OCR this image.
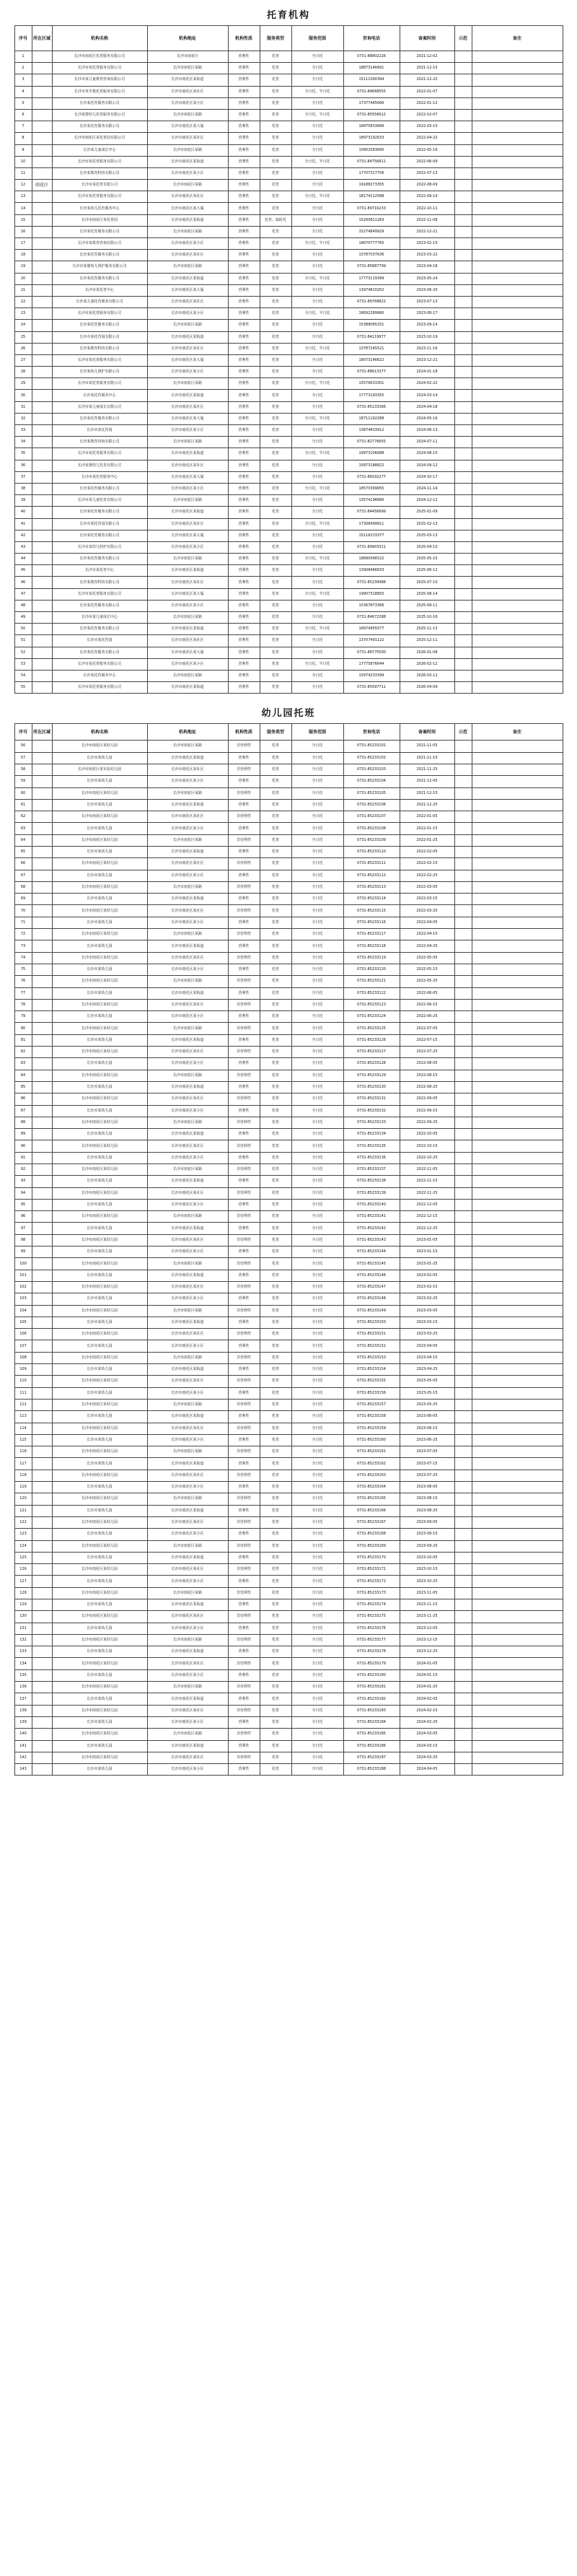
托育机构
序号	所在区域	机构名称	机构地址	机构性质	服务类型	服务范围	咨询电话	备案时间	示范	备注
1		长沙市雨花区托育服务有限公司	长沙市雨花区	营利性	托育	全日托	0731-88802226	2021-12-02		
2		长沙市某托育服务有限公司	长沙市雨花区某路	营利性	托育	全日托	18873146691	2021-12-15		
3		长沙市某儿童教育咨询有限公司	长沙市雨花区某街道	营利性	托育	全日托	15111090394	2021-12-22		
4		长沙市某早教托育服务有限公司	长沙市雨花区某社区	营利性	托育	全日托、半日托	0731-84668555	2022-01-07		
5		长沙某托育服务有限公司	长沙市雨花区某小区	营利性	托育	全日托	17377485666	2022-01-12		
6		长沙某婴幼儿托育服务有限公司	长沙市雨花区某路	营利性	托育	全日托、半日托	0731-85556612	2022-02-07		
7		长沙某托育服务有限公司	长沙市雨花区某大厦	营利性	托育	全日托	18975833899	2022-03-15		
8		长沙市雨花区某托育园有限公司	长沙市雨花区某社区	营利性	托育	全日托	18973192633	2022-04-22		
9		长沙某儿童成长中心	长沙市雨花区某路	营利性	托育	全日托	15802583695	2022-05-16		
10		长沙市某托育服务有限公司	长沙市雨花区某街道	营利性	托育	全日托、半日托	0731-84756611	2022-06-09		
11		长沙某教育科技有限公司	长沙市雨花区某小区	营利性	托育	全日托	17707317756	2022-07-13		
12	雨花区	长沙市某托育有限公司	长沙市雨花区某路	营利性	托育	全日托	19188273355	2022-08-09		
13		长沙市某托育服务有限公司	长沙市雨花区某社区	营利性	托育	全日托、半日托	18174112588	2022-09-14		
14		长沙某幼儿托育服务中心	长沙市雨花区某大厦	营利性	托育	全日托	0731-89716233	2022-10-11		
15		长沙市雨花区某托育园	长沙市雨花区某街道	营利性	托育、临时托	全日托	15200811263	2022-11-08		
16		长沙某托育服务有限公司	长沙市雨花区某路	营利性	托育	全日托	15274849929	2022-12-21		
17		长沙市某教育咨询有限公司	长沙市雨花区某小区	营利性	托育	全日托、半日托	18670777765	2023-02-15		
18		长沙某托育服务有限公司	长沙市雨花区某社区	营利性	托育	全日托	13787037636	2023-03-22		
19		长沙市某婴幼儿照护服务有限公司	长沙市雨花区某路	营利性	托育	全日托	0731-85887799	2023-04-18		
20		长沙某托育服务有限公司	长沙市雨花区某街道	营利性	托育	全日托、半日托	17773119399	2023-05-24		
21		长沙市某托育中心	长沙市雨花区某大厦	营利性	托育	全日托	13974810202	2023-06-20		
22		长沙某儿童托育服务有限公司	长沙市雨花区某社区	营利性	托育	全日托	0731-89768822	2023-07-13		
23		长沙市某托育服务有限公司	长沙市雨花区某小区	营利性	托育	全日托、半日托	18692289980	2023-08-17		
24		长沙某托育服务有限公司	长沙市雨花区某路	营利性	托育	全日托	15388065331	2023-09-14		
25		长沙市某托育园有限公司	长沙市雨花区某街道	营利性	托育	全日托	0731-84119977	2023-10-19		
26		长沙某教育科技有限公司	长沙市雨花区某社区	营利性	托育	全日托、半日托	13787245521	2023-11-16		
27		长沙市某托育服务有限公司	长沙市雨花区某大厦	营利性	托育	全日托	18073146622	2023-12-21		
28		长沙某幼儿照护有限公司	长沙市雨花区某小区	营利性	托育	全日托	0731-88613377	2024-01-18		
29		长沙市某托育服务有限公司	长沙市雨花区某路	营利性	托育	全日托、半日托	15576633301	2024-02-22		
30		长沙某托育服务中心	长沙市雨花区某街道	营利性	托育	全日托	17773193355	2024-03-14		
31		长沙市某儿童成长有限公司	长沙市雨花区某社区	营利性	托育	全日托	0731-85133366	2024-04-18		
32		长沙某托育服务有限公司	长沙市雨花区某大厦	营利性	托育	全日托、半日托	18711192288	2024-05-16		
33		长沙市某托育园	长沙市雨花区某小区	营利性	托育	全日托	13874833912	2024-06-13		
34		长沙某教育咨询有限公司	长沙市雨花区某路	营利性	托育	全日托	0731-82776655	2024-07-11		
35		长沙市某托育服务有限公司	长沙市雨花区某街道	营利性	托育	全日托、半日托	19973106688	2024-08-15		
36		长沙某婴幼儿托育有限公司	长沙市雨花区某社区	营利性	托育	全日托	15873188822	2024-09-12		
37		长沙市某托育服务中心	长沙市雨花区某大厦	营利性	托育	全日托	0731-88192277	2024-10-17		
38		长沙某托育服务有限公司	长沙市雨花区某小区	营利性	托育	全日托、半日托	18570399955	2024-11-14		
39		长沙市某儿童托育有限公司	长沙市雨花区某路	营利性	托育	全日托	13574198866	2024-12-12		
40		长沙某托育服务有限公司	长沙市雨花区某街道	营利性	托育	全日托	0731-84456699	2025-01-09		
41		长沙市某托育园有限公司	长沙市雨花区某社区	营利性	托育	全日托、半日托	17308499911	2025-02-13		
42		长沙某托育服务有限公司	长沙市雨花区某大厦	营利性	托育	全日托	15116233377	2025-03-13		
43		长沙市某幼儿照护有限公司	长沙市雨花区某小区	营利性	托育	全日托	0731-89903311	2025-04-10		
44		长沙某托育服务有限公司	长沙市雨花区某路	营利性	托育	全日托、半日托	18890066522	2025-05-15		
45		长沙市某托育中心	长沙市雨花区某街道	营利性	托育	全日托	13908466633	2025-06-12		
46		长沙某教育科技有限公司	长沙市雨花区某社区	营利性	托育	全日托	0731-85239988	2025-07-10		
47		长沙市某托育服务有限公司	长沙市雨花区某大厦	营利性	托育	全日托、半日托	19907318855	2025-08-14		
48		长沙某托育服务有限公司	长沙市雨花区某小区	营利性	托育	全日托	15367873366	2025-09-11		
49		长沙市某儿童成长中心	长沙市雨花区某路	营利性	托育	全日托	0731-84672288	2025-10-16		
50		长沙某托育服务有限公司	长沙市雨花区某街道	营利性	托育	全日托、半日托	18974955577	2025-11-13		
51		长沙市某托育园	长沙市雨花区某社区	营利性	托育	全日托	13707491122	2025-12-11		
52		长沙某托育服务有限公司	长沙市雨花区某大厦	营利性	托育	全日托	0731-88775500	2026-01-08		
53		长沙市某托育服务有限公司	长沙市雨花区某小区	营利性	托育	全日托、半日托	17775876644	2026-02-12		
54		长沙某托育服务中心	长沙市雨花区某路	营利性	托育	全日托	15974233399	2026-03-12		
55		长沙市某托育服务有限公司	长沙市雨花区某街道	营利性	托育	全日托	0731-85097711	2026-04-09		
幼儿园托班
序号	所在区域	机构名称	机构地址	机构性质	服务类型	服务范围	咨询电话	备案时间	示范	备注
56		长沙市雨花区某幼儿园	长沙市雨花区某路	非营利性	托育	全日托	0731-85233101	2021-11-05		
57		长沙市某幼儿园	长沙市雨花区某街道	营利性	托育	全日托	0731-85233102	2021-11-15		
58		长沙市雨花区某实验幼儿园	长沙市雨花区某社区	非营利性	托育	全日托	0731-85233103	2021-11-25		
59		长沙市某幼儿园	长沙市雨花区某小区	营利性	托育	全日托	0731-85233104	2021-12-05		
60		长沙市雨花区某幼儿园	长沙市雨花区某路	非营利性	托育	全日托	0731-85233105	2021-12-15		
61		长沙市某幼儿园	长沙市雨花区某街道	营利性	托育	全日托	0731-85233106	2021-12-25		
62		长沙市雨花区某幼儿园	长沙市雨花区某社区	非营利性	托育	全日托	0731-85233107	2022-01-05		
63		长沙市某幼儿园	长沙市雨花区某小区	营利性	托育	全日托	0731-85233108	2022-01-15		
64		长沙市雨花区某幼儿园	长沙市雨花区某路	非营利性	托育	全日托	0731-85233109	2022-01-25		
65		长沙市某幼儿园	长沙市雨花区某街道	营利性	托育	全日托	0731-85233110	2022-02-05		
66		长沙市雨花区某幼儿园	长沙市雨花区某社区	非营利性	托育	全日托	0731-85233111	2022-02-15		
67		长沙市某幼儿园	长沙市雨花区某小区	营利性	托育	全日托	0731-85233112	2022-02-25		
68		长沙市雨花区某幼儿园	长沙市雨花区某路	非营利性	托育	全日托	0731-85233113	2022-03-05		
69		长沙市某幼儿园	长沙市雨花区某街道	营利性	托育	全日托	0731-85233114	2022-03-15		
70		长沙市雨花区某幼儿园	长沙市雨花区某社区	非营利性	托育	全日托	0731-85233115	2022-03-25		
71		长沙市某幼儿园	长沙市雨花区某小区	营利性	托育	全日托	0731-85233116	2022-04-05		
72		长沙市雨花区某幼儿园	长沙市雨花区某路	非营利性	托育	全日托	0731-85233117	2022-04-15		
73		长沙市某幼儿园	长沙市雨花区某街道	营利性	托育	全日托	0731-85233118	2022-04-25		
74		长沙市雨花区某幼儿园	长沙市雨花区某社区	非营利性	托育	全日托	0731-85233119	2022-05-05		
75		长沙市某幼儿园	长沙市雨花区某小区	营利性	托育	全日托	0731-85233120	2022-05-15		
76		长沙市雨花区某幼儿园	长沙市雨花区某路	非营利性	托育	全日托	0731-85233121	2022-05-25		
77		长沙市某幼儿园	长沙市雨花区某街道	营利性	托育	全日托	0731-85233122	2022-06-05		
78		长沙市雨花区某幼儿园	长沙市雨花区某社区	非营利性	托育	全日托	0731-85233123	2022-06-15		
79		长沙市某幼儿园	长沙市雨花区某小区	营利性	托育	全日托	0731-85233124	2022-06-25		
80		长沙市雨花区某幼儿园	长沙市雨花区某路	非营利性	托育	全日托	0731-85233125	2022-07-05		
81		长沙市某幼儿园	长沙市雨花区某街道	营利性	托育	全日托	0731-85233126	2022-07-15		
82		长沙市雨花区某幼儿园	长沙市雨花区某社区	非营利性	托育	全日托	0731-85233127	2022-07-25		
83		长沙市某幼儿园	长沙市雨花区某小区	营利性	托育	全日托	0731-85233128	2022-08-05		
84		长沙市雨花区某幼儿园	长沙市雨花区某路	非营利性	托育	全日托	0731-85233129	2022-08-15		
85		长沙市某幼儿园	长沙市雨花区某街道	营利性	托育	全日托	0731-85233130	2022-08-25		
86		长沙市雨花区某幼儿园	长沙市雨花区某社区	非营利性	托育	全日托	0731-85233131	2022-09-05		
87		长沙市某幼儿园	长沙市雨花区某小区	营利性	托育	全日托	0731-85233132	2022-09-15		
88		长沙市雨花区某幼儿园	长沙市雨花区某路	非营利性	托育	全日托	0731-85233133	2022-09-25		
89		长沙市某幼儿园	长沙市雨花区某街道	营利性	托育	全日托	0731-85233134	2022-10-05		
90		长沙市雨花区某幼儿园	长沙市雨花区某社区	非营利性	托育	全日托	0731-85233135	2022-10-15		
91		长沙市某幼儿园	长沙市雨花区某小区	营利性	托育	全日托	0731-85233136	2022-10-25		
92		长沙市雨花区某幼儿园	长沙市雨花区某路	非营利性	托育	全日托	0731-85233137	2022-11-05		
93		长沙市某幼儿园	长沙市雨花区某街道	营利性	托育	全日托	0731-85233138	2022-11-15		
94		长沙市雨花区某幼儿园	长沙市雨花区某社区	非营利性	托育	全日托	0731-85233139	2022-11-25		
95		长沙市某幼儿园	长沙市雨花区某小区	营利性	托育	全日托	0731-85233140	2022-12-05		
96		长沙市雨花区某幼儿园	长沙市雨花区某路	非营利性	托育	全日托	0731-85233141	2022-12-15		
97		长沙市某幼儿园	长沙市雨花区某街道	营利性	托育	全日托	0731-85233142	2022-12-25		
98		长沙市雨花区某幼儿园	长沙市雨花区某社区	非营利性	托育	全日托	0731-85233143	2023-01-05		
99		长沙市某幼儿园	长沙市雨花区某小区	营利性	托育	全日托	0731-85233144	2023-01-15		
100		长沙市雨花区某幼儿园	长沙市雨花区某路	非营利性	托育	全日托	0731-85233145	2023-01-25		
101		长沙市某幼儿园	长沙市雨花区某街道	营利性	托育	全日托	0731-85233146	2023-02-05		
102		长沙市雨花区某幼儿园	长沙市雨花区某社区	非营利性	托育	全日托	0731-85233147	2023-02-15		
103		长沙市某幼儿园	长沙市雨花区某小区	营利性	托育	全日托	0731-85233148	2023-02-25		
104		长沙市雨花区某幼儿园	长沙市雨花区某路	非营利性	托育	全日托	0731-85233149	2023-03-05		
105		长沙市某幼儿园	长沙市雨花区某街道	营利性	托育	全日托	0731-85233150	2023-03-15		
106		长沙市雨花区某幼儿园	长沙市雨花区某社区	非营利性	托育	全日托	0731-85233151	2023-03-25		
107		长沙市某幼儿园	长沙市雨花区某小区	营利性	托育	全日托	0731-85233152	2023-04-05		
108		长沙市雨花区某幼儿园	长沙市雨花区某路	非营利性	托育	全日托	0731-85233153	2023-04-15		
109		长沙市某幼儿园	长沙市雨花区某街道	营利性	托育	全日托	0731-85233154	2023-04-25		
110		长沙市雨花区某幼儿园	长沙市雨花区某社区	非营利性	托育	全日托	0731-85233155	2023-05-05		
111		长沙市某幼儿园	长沙市雨花区某小区	营利性	托育	全日托	0731-85233156	2023-05-15		
112		长沙市雨花区某幼儿园	长沙市雨花区某路	非营利性	托育	全日托	0731-85233157	2023-05-25		
113		长沙市某幼儿园	长沙市雨花区某街道	营利性	托育	全日托	0731-85233158	2023-06-05		
114		长沙市雨花区某幼儿园	长沙市雨花区某社区	非营利性	托育	全日托	0731-85233159	2023-06-15		
115		长沙市某幼儿园	长沙市雨花区某小区	营利性	托育	全日托	0731-85233160	2023-06-25		
116		长沙市雨花区某幼儿园	长沙市雨花区某路	非营利性	托育	全日托	0731-85233161	2023-07-05		
117		长沙市某幼儿园	长沙市雨花区某街道	营利性	托育	全日托	0731-85233162	2023-07-15		
118		长沙市雨花区某幼儿园	长沙市雨花区某社区	非营利性	托育	全日托	0731-85233163	2023-07-25		
119		长沙市某幼儿园	长沙市雨花区某小区	营利性	托育	全日托	0731-85233164	2023-08-05		
120		长沙市雨花区某幼儿园	长沙市雨花区某路	非营利性	托育	全日托	0731-85233165	2023-08-15		
121		长沙市某幼儿园	长沙市雨花区某街道	营利性	托育	全日托	0731-85233166	2023-08-25		
122		长沙市雨花区某幼儿园	长沙市雨花区某社区	非营利性	托育	全日托	0731-85233167	2023-09-05		
123		长沙市某幼儿园	长沙市雨花区某小区	营利性	托育	全日托	0731-85233168	2023-09-15		
124		长沙市雨花区某幼儿园	长沙市雨花区某路	非营利性	托育	全日托	0731-85233169	2023-09-25		
125		长沙市某幼儿园	长沙市雨花区某街道	营利性	托育	全日托	0731-85233170	2023-10-05		
126		长沙市雨花区某幼儿园	长沙市雨花区某社区	非营利性	托育	全日托	0731-85233171	2023-10-15		
127		长沙市某幼儿园	长沙市雨花区某小区	营利性	托育	全日托	0731-85233172	2023-10-25		
128		长沙市雨花区某幼儿园	长沙市雨花区某路	非营利性	托育	全日托	0731-85233173	2023-11-05		
129		长沙市某幼儿园	长沙市雨花区某街道	营利性	托育	全日托	0731-85233174	2023-11-15		
130		长沙市雨花区某幼儿园	长沙市雨花区某社区	非营利性	托育	全日托	0731-85233175	2023-11-25		
131		长沙市某幼儿园	长沙市雨花区某小区	营利性	托育	全日托	0731-85233176	2023-12-05		
132		长沙市雨花区某幼儿园	长沙市雨花区某路	非营利性	托育	全日托	0731-85233177	2023-12-15		
133		长沙市某幼儿园	长沙市雨花区某街道	营利性	托育	全日托	0731-85233178	2023-12-25		
134		长沙市雨花区某幼儿园	长沙市雨花区某社区	非营利性	托育	全日托	0731-85233179	2024-01-05		
135		长沙市某幼儿园	长沙市雨花区某小区	营利性	托育	全日托	0731-85233180	2024-01-15		
136		长沙市雨花区某幼儿园	长沙市雨花区某路	非营利性	托育	全日托	0731-85233181	2024-01-25		
137		长沙市某幼儿园	长沙市雨花区某街道	营利性	托育	全日托	0731-85233182	2024-02-05		
138		长沙市雨花区某幼儿园	长沙市雨花区某社区	非营利性	托育	全日托	0731-85233183	2024-02-15		
139		长沙市某幼儿园	长沙市雨花区某小区	营利性	托育	全日托	0731-85233184	2024-02-25		
140		长沙市雨花区某幼儿园	长沙市雨花区某路	非营利性	托育	全日托	0731-85233185	2024-03-05		
141		长沙市某幼儿园	长沙市雨花区某街道	营利性	托育	全日托	0731-85233186	2024-03-15		
142		长沙市雨花区某幼儿园	长沙市雨花区某社区	非营利性	托育	全日托	0731-85233187	2024-03-25		
143		长沙市某幼儿园	长沙市雨花区某小区	营利性	托育	全日托	0731-85233188	2024-04-05		
